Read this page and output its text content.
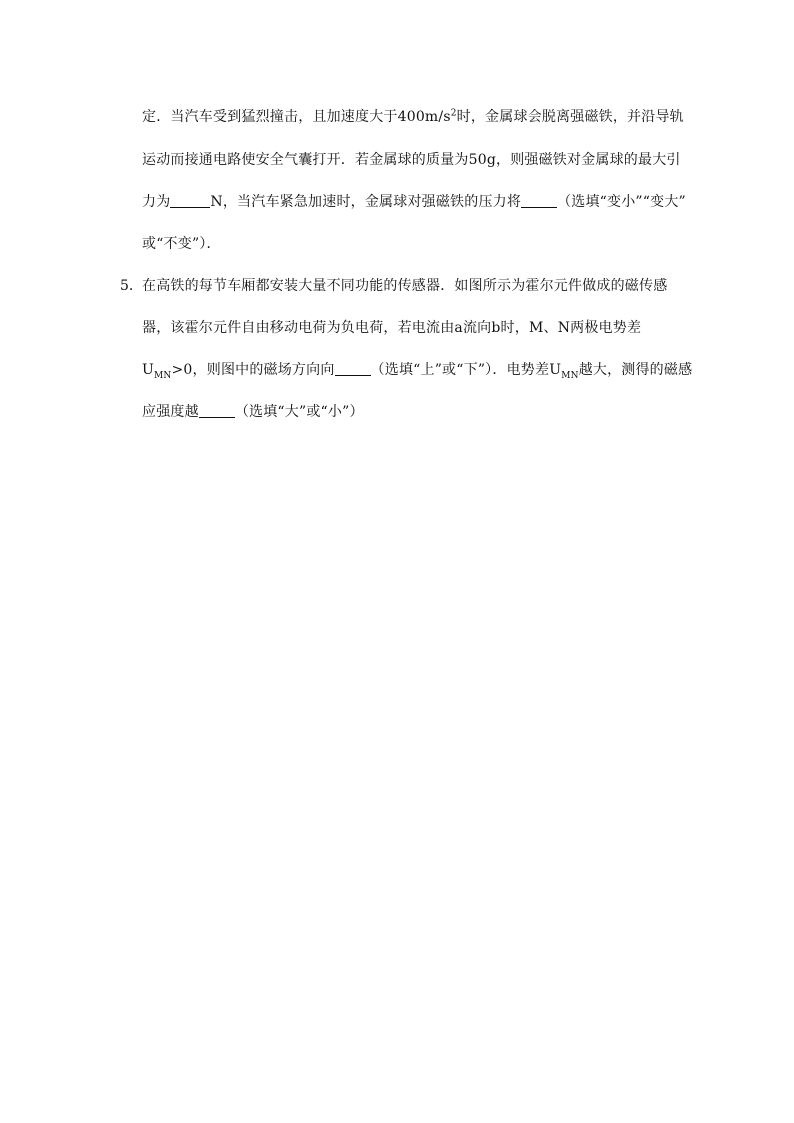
定．当汽车受到猛烈撞击，且加速度大于$400m/s^2$时，金属球会脱离强磁铁，并沿导轨
运动而接通电路使安全气囊打开．若金属球的质量为50g，则强磁铁对金属球的最大引
力为	N，当汽车紧急加速时，金属球对强磁铁的压力将	（选填“变小”“变大”
或“不变”）．
5． 在高铁的每节车厢都安装大量不同功能的传感器．如图所示为霍尔元件做成的磁传感
器，该霍尔元件自由移动电荷为负电荷，若电流由a流向b时，M、N两极电势差
$U_{MN}>0$，则图中的磁场方向向	（选填“上”或“下”）．电势差$U_{MN}$越大，测得的磁感
应强度越	（选填“大”或“小”）
